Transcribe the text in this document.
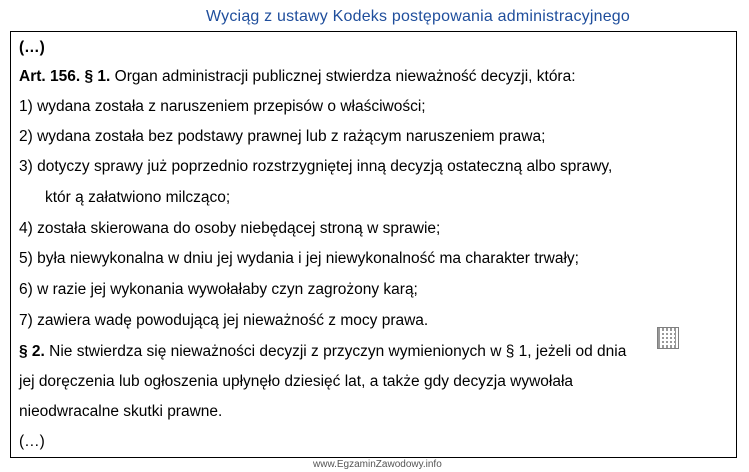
Wyciąg z ustawy Kodeks postępowania administracyjnego
(…)
Art. 156. § 1. Organ administracji publicznej stwierdza nieważność decyzji, która:
1) wydana została z naruszeniem przepisów o właściwości;
2) wydana została bez podstawy prawnej lub z rażącym naruszeniem prawa;
3) dotyczy sprawy już poprzednio rozstrzygniętej inną decyzją ostateczną albo sprawy,
któr ą załatwiono milcząco;
4) została skierowana do osoby niebędącej stroną w sprawie;
5) była niewykonalna w dniu jej wydania i jej niewykonalność ma charakter trwały;
6) w razie jej wykonania wywołałaby czyn zagrożony karą;
7) zawiera wadę powodującą jej nieważność z mocy prawa.
§ 2. Nie stwierdza się nieważności decyzji z przyczyn wymienionych w § 1, jeżeli od dnia
jej doręczenia lub ogłoszenia upłynęło dziesięć lat, a także gdy decyzja wywołała
nieodwracalne skutki prawne.
(…)
www.EgzaminZawodowy.info
